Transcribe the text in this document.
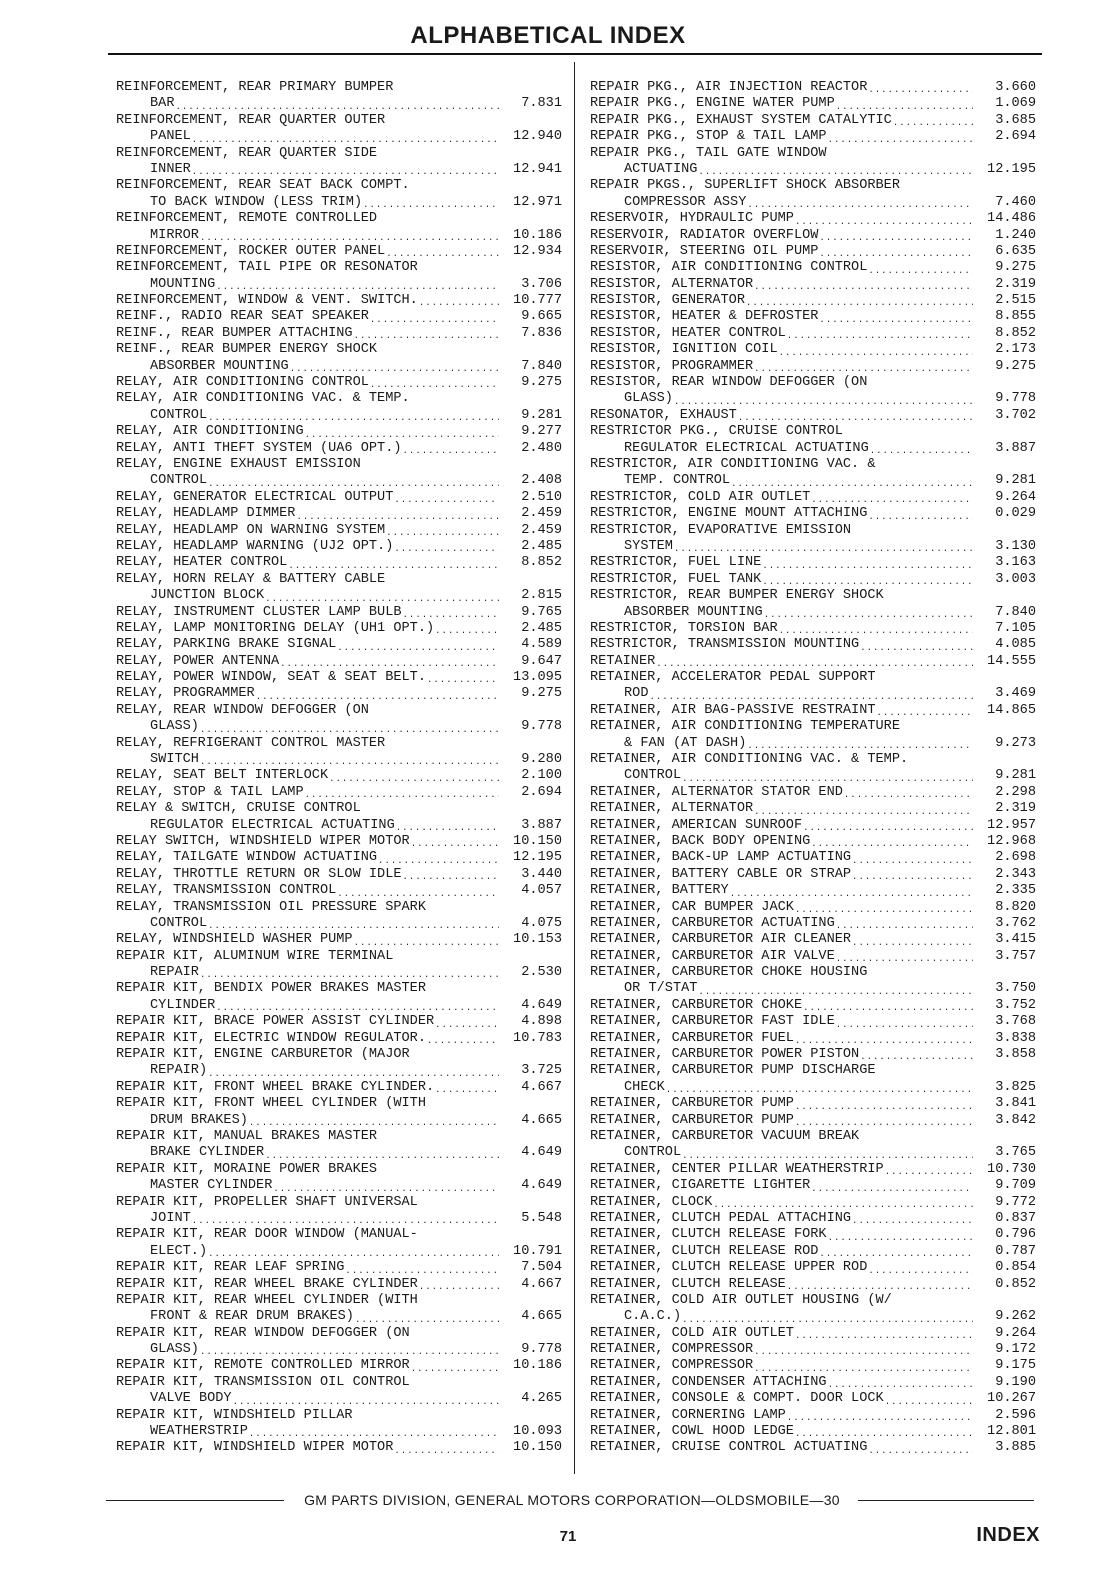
ALPHABETICAL INDEX
REINFORCEMENT, REAR PRIMARY BUMPER
BAR .....	7.831
REINFORCEMENT, REAR QUARTER OUTER
PANEL .....	12.940
REINFORCEMENT, REAR QUARTER SIDE
INNER .....	12.941
REINFORCEMENT, REAR SEAT BACK COMPT.
TO BACK WINDOW (LESS TRIM) .....	12.971
REINFORCEMENT, REMOTE CONTROLLED
MIRROR .....	10.186
REINFORCEMENT, ROCKER OUTER PANEL .....	12.934
REINFORCEMENT, TAIL PIPE OR RESONATOR
MOUNTING .....	3.706
REINFORCEMENT, WINDOW & VENT. SWITCH. .....	10.777
REINF., RADIO REAR SEAT SPEAKER .....	9.665
REINF., REAR BUMPER ATTACHING .....	7.836
REINF., REAR BUMPER ENERGY SHOCK
ABSORBER MOUNTING .....	7.840
RELAY, AIR CONDITIONING CONTROL .....	9.275
RELAY, AIR CONDITIONING VAC. & TEMP.
CONTROL .....	9.281
RELAY, AIR CONDITIONING .....	9.277
RELAY, ANTI THEFT SYSTEM (UA6 OPT.) .....	2.480
RELAY, ENGINE EXHAUST EMISSION
CONTROL .....	2.408
RELAY, GENERATOR ELECTRICAL OUTPUT .....	2.510
RELAY, HEADLAMP DIMMER .....	2.459
RELAY, HEADLAMP ON WARNING SYSTEM .....	2.459
RELAY, HEADLAMP WARNING (UJ2 OPT.) .....	2.485
RELAY, HEATER CONTROL .....	8.852
RELAY, HORN RELAY & BATTERY CABLE
JUNCTION BLOCK .....	2.815
RELAY, INSTRUMENT CLUSTER LAMP BULB .....	9.765
RELAY, LAMP MONITORING DELAY (UH1 OPT.) .....	2.485
RELAY, PARKING BRAKE SIGNAL .....	4.589
RELAY, POWER ANTENNA .....	9.647
RELAY, POWER WINDOW, SEAT & SEAT BELT. .....	13.095
RELAY, PROGRAMMER .....	9.275
RELAY, REAR WINDOW DEFOGGER (ON
GLASS) .....	9.778
RELAY, REFRIGERANT CONTROL MASTER
SWITCH .....	9.280
RELAY, SEAT BELT INTERLOCK .....	2.100
RELAY, STOP & TAIL LAMP .....	2.694
RELAY & SWITCH, CRUISE CONTROL
REGULATOR ELECTRICAL ACTUATING .....	3.887
RELAY SWITCH, WINDSHIELD WIPER MOTOR .....	10.150
RELAY, TAILGATE WINDOW ACTUATING .....	12.195
RELAY, THROTTLE RETURN OR SLOW IDLE .....	3.440
RELAY, TRANSMISSION CONTROL .....	4.057
RELAY, TRANSMISSION OIL PRESSURE SPARK
CONTROL .....	4.075
RELAY, WINDSHIELD WASHER PUMP .....	10.153
REPAIR KIT, ALUMINUM WIRE TERMINAL
REPAIR .....	2.530
REPAIR KIT, BENDIX POWER BRAKES MASTER
CYLINDER .....	4.649
REPAIR KIT, BRACE POWER ASSIST CYLINDER .....	4.898
REPAIR KIT, ELECTRIC WINDOW REGULATOR. .....	10.783
REPAIR KIT, ENGINE CARBURETOR (MAJOR
REPAIR) .....	3.725
REPAIR KIT, FRONT WHEEL BRAKE CYLINDER. .....	4.667
REPAIR KIT, FRONT WHEEL CYLINDER (WITH
DRUM BRAKES) .....	4.665
REPAIR KIT, MANUAL BRAKES MASTER
BRAKE CYLINDER .....	4.649
REPAIR KIT, MORAINE POWER BRAKES
MASTER CYLINDER .....	4.649
REPAIR KIT, PROPELLER SHAFT UNIVERSAL
JOINT .....	5.548
REPAIR KIT, REAR DOOR WINDOW (MANUAL-
ELECT.) .....	10.791
REPAIR KIT, REAR LEAF SPRING .....	7.504
REPAIR KIT, REAR WHEEL BRAKE CYLINDER .....	4.667
REPAIR KIT, REAR WHEEL CYLINDER (WITH
FRONT & REAR DRUM BRAKES) .....	4.665
REPAIR KIT, REAR WINDOW DEFOGGER (ON
GLASS) .....	9.778
REPAIR KIT, REMOTE CONTROLLED MIRROR .....	10.186
REPAIR KIT, TRANSMISSION OIL CONTROL
VALVE BODY .....	4.265
REPAIR KIT, WINDSHIELD PILLAR
WEATHERSTRIP .....	10.093
REPAIR KIT, WINDSHIELD WIPER MOTOR .....	10.150
REPAIR PKG., AIR INJECTION REACTOR .....	3.660
REPAIR PKG., ENGINE WATER PUMP .....	1.069
REPAIR PKG., EXHAUST SYSTEM CATALYTIC .....	3.685
REPAIR PKG., STOP & TAIL LAMP .....	2.694
REPAIR PKG., TAIL GATE WINDOW
ACTUATING .....	12.195
REPAIR PKGS., SUPERLIFT SHOCK ABSORBER
COMPRESSOR ASSY .....	7.460
RESERVOIR, HYDRAULIC PUMP .....	14.486
RESERVOIR, RADIATOR OVERFLOW .....	1.240
RESERVOIR, STEERING OIL PUMP .....	6.635
RESISTOR, AIR CONDITIONING CONTROL .....	9.275
RESISTOR, ALTERNATOR .....	2.319
RESISTOR, GENERATOR .....	2.515
RESISTOR, HEATER & DEFROSTER .....	8.855
RESISTOR, HEATER CONTROL .....	8.852
RESISTOR, IGNITION COIL .....	2.173
RESISTOR, PROGRAMMER .....	9.275
RESISTOR, REAR WINDOW DEFOGGER (ON
GLASS) .....	9.778
RESONATOR, EXHAUST .....	3.702
RESTRICTOR PKG., CRUISE CONTROL
REGULATOR ELECTRICAL ACTUATING .....	3.887
RESTRICTOR, AIR CONDITIONING VAC. &
TEMP. CONTROL .....	9.281
RESTRICTOR, COLD AIR OUTLET .....	9.264
RESTRICTOR, ENGINE MOUNT ATTACHING .....	0.029
RESTRICTOR, EVAPORATIVE EMISSION
SYSTEM .....	3.130
RESTRICTOR, FUEL LINE .....	3.163
RESTRICTOR, FUEL TANK .....	3.003
RESTRICTOR, REAR BUMPER ENERGY SHOCK
ABSORBER MOUNTING .....	7.840
RESTRICTOR, TORSION BAR .....	7.105
RESTRICTOR, TRANSMISSION MOUNTING .....	4.085
RETAINER .....	14.555
RETAINER, ACCELERATOR PEDAL SUPPORT
ROD .....	3.469
RETAINER, AIR BAG-PASSIVE RESTRAINT .....	14.865
RETAINER, AIR CONDITIONING TEMPERATURE
& FAN (AT DASH) .....	9.273
RETAINER, AIR CONDITIONING VAC. & TEMP.
CONTROL .....	9.281
RETAINER, ALTERNATOR STATOR END .....	2.298
RETAINER, ALTERNATOR .....	2.319
RETAINER, AMERICAN SUNROOF .....	12.957
RETAINER, BACK BODY OPENING .....	12.968
RETAINER, BACK-UP LAMP ACTUATING .....	2.698
RETAINER, BATTERY CABLE OR STRAP .....	2.343
RETAINER, BATTERY .....	2.335
RETAINER, CAR BUMPER JACK .....	8.820
RETAINER, CARBURETOR ACTUATING .....	3.762
RETAINER, CARBURETOR AIR CLEANER .....	3.415
RETAINER, CARBURETOR AIR VALVE .....	3.757
RETAINER, CARBURETOR CHOKE HOUSING
OR T/STAT .....	3.750
RETAINER, CARBURETOR CHOKE .....	3.752
RETAINER, CARBURETOR FAST IDLE .....	3.768
RETAINER, CARBURETOR FUEL .....	3.838
RETAINER, CARBURETOR POWER PISTON .....	3.858
RETAINER, CARBURETOR PUMP DISCHARGE
CHECK .....	3.825
RETAINER, CARBURETOR PUMP .....	3.841
RETAINER, CARBURETOR PUMP .....	3.842
RETAINER, CARBURETOR VACUUM BREAK
CONTROL .....	3.765
RETAINER, CENTER PILLAR WEATHERSTRIP .....	10.730
RETAINER, CIGARETTE LIGHTER .....	9.709
RETAINER, CLOCK .....	9.772
RETAINER, CLUTCH PEDAL ATTACHING .....	0.837
RETAINER, CLUTCH RELEASE FORK .....	0.796
RETAINER, CLUTCH RELEASE ROD .....	0.787
RETAINER, CLUTCH RELEASE UPPER ROD .....	0.854
RETAINER, CLUTCH RELEASE .....	0.852
RETAINER, COLD AIR OUTLET HOUSING (W/
C.A.C.) .....	9.262
RETAINER, COLD AIR OUTLET .....	9.264
RETAINER, COMPRESSOR .....	9.172
RETAINER, COMPRESSOR .....	9.175
RETAINER, CONDENSER ATTACHING .....	9.190
RETAINER, CONSOLE & COMPT. DOOR LOCK .....	10.267
RETAINER, CORNERING LAMP .....	2.596
RETAINER, COWL HOOD LEDGE .....	12.801
RETAINER, CRUISE CONTROL ACTUATING .....	3.885
GM PARTS DIVISION, GENERAL MOTORS CORPORATION—OLDSMOBILE—30
71	INDEX
